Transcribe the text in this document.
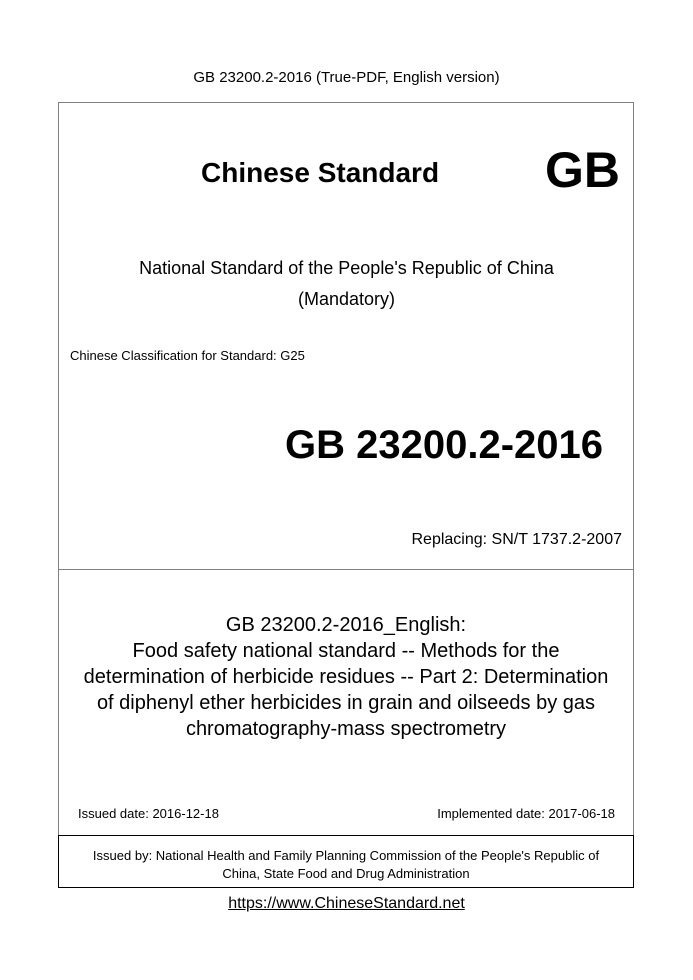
GB 23200.2-2016 (True-PDF, English version)
Chinese Standard GB
National Standard of the People's Republic of China
(Mandatory)
Chinese Classification for Standard: G25
GB 23200.2-2016
Replacing: SN/T 1737.2-2007
GB 23200.2-2016_English:
Food safety national standard -- Methods for the
determination of herbicide residues -- Part 2: Determination
of diphenyl ether herbicides in grain and oilseeds by gas
chromatography-mass spectrometry
Issued date: 2016-12-18	Implemented date: 2017-06-18
Issued by: National Health and Family Planning Commission of the People's Republic of
China, State Food and Drug Administration
https://www.ChineseStandard.net
